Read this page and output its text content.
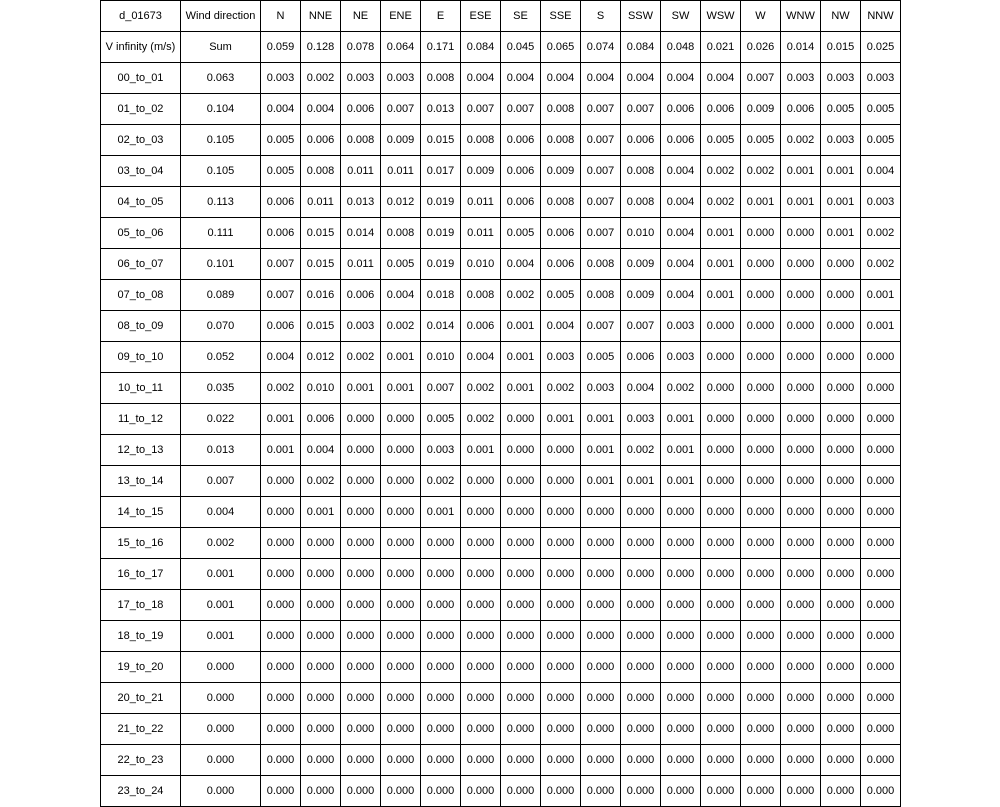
d_01673	Wind direction	N	NNE	NE	ENE	E	ESE	SE	SSE	S	SSW	SW	WSW	W	WNW	NW	NNW
V infinity (m/s)	Sum	0.059	0.128	0.078	0.064	0.171	0.084	0.045	0.065	0.074	0.084	0.048	0.021	0.026	0.014	0.015	0.025
00_to_01	0.063	0.003	0.002	0.003	0.003	0.008	0.004	0.004	0.004	0.004	0.004	0.004	0.004	0.007	0.003	0.003	0.003
01_to_02	0.104	0.004	0.004	0.006	0.007	0.013	0.007	0.007	0.008	0.007	0.007	0.006	0.006	0.009	0.006	0.005	0.005
02_to_03	0.105	0.005	0.006	0.008	0.009	0.015	0.008	0.006	0.008	0.007	0.006	0.006	0.005	0.005	0.002	0.003	0.005
03_to_04	0.105	0.005	0.008	0.011	0.011	0.017	0.009	0.006	0.009	0.007	0.008	0.004	0.002	0.002	0.001	0.001	0.004
04_to_05	0.113	0.006	0.011	0.013	0.012	0.019	0.011	0.006	0.008	0.007	0.008	0.004	0.002	0.001	0.001	0.001	0.003
05_to_06	0.111	0.006	0.015	0.014	0.008	0.019	0.011	0.005	0.006	0.007	0.010	0.004	0.001	0.000	0.000	0.001	0.002
06_to_07	0.101	0.007	0.015	0.011	0.005	0.019	0.010	0.004	0.006	0.008	0.009	0.004	0.001	0.000	0.000	0.000	0.002
07_to_08	0.089	0.007	0.016	0.006	0.004	0.018	0.008	0.002	0.005	0.008	0.009	0.004	0.001	0.000	0.000	0.000	0.001
08_to_09	0.070	0.006	0.015	0.003	0.002	0.014	0.006	0.001	0.004	0.007	0.007	0.003	0.000	0.000	0.000	0.000	0.001
09_to_10	0.052	0.004	0.012	0.002	0.001	0.010	0.004	0.001	0.003	0.005	0.006	0.003	0.000	0.000	0.000	0.000	0.000
10_to_11	0.035	0.002	0.010	0.001	0.001	0.007	0.002	0.001	0.002	0.003	0.004	0.002	0.000	0.000	0.000	0.000	0.000
11_to_12	0.022	0.001	0.006	0.000	0.000	0.005	0.002	0.000	0.001	0.001	0.003	0.001	0.000	0.000	0.000	0.000	0.000
12_to_13	0.013	0.001	0.004	0.000	0.000	0.003	0.001	0.000	0.000	0.001	0.002	0.001	0.000	0.000	0.000	0.000	0.000
13_to_14	0.007	0.000	0.002	0.000	0.000	0.002	0.000	0.000	0.000	0.001	0.001	0.001	0.000	0.000	0.000	0.000	0.000
14_to_15	0.004	0.000	0.001	0.000	0.000	0.001	0.000	0.000	0.000	0.000	0.000	0.000	0.000	0.000	0.000	0.000	0.000
15_to_16	0.002	0.000	0.000	0.000	0.000	0.000	0.000	0.000	0.000	0.000	0.000	0.000	0.000	0.000	0.000	0.000	0.000
16_to_17	0.001	0.000	0.000	0.000	0.000	0.000	0.000	0.000	0.000	0.000	0.000	0.000	0.000	0.000	0.000	0.000	0.000
17_to_18	0.001	0.000	0.000	0.000	0.000	0.000	0.000	0.000	0.000	0.000	0.000	0.000	0.000	0.000	0.000	0.000	0.000
18_to_19	0.001	0.000	0.000	0.000	0.000	0.000	0.000	0.000	0.000	0.000	0.000	0.000	0.000	0.000	0.000	0.000	0.000
19_to_20	0.000	0.000	0.000	0.000	0.000	0.000	0.000	0.000	0.000	0.000	0.000	0.000	0.000	0.000	0.000	0.000	0.000
20_to_21	0.000	0.000	0.000	0.000	0.000	0.000	0.000	0.000	0.000	0.000	0.000	0.000	0.000	0.000	0.000	0.000	0.000
21_to_22	0.000	0.000	0.000	0.000	0.000	0.000	0.000	0.000	0.000	0.000	0.000	0.000	0.000	0.000	0.000	0.000	0.000
22_to_23	0.000	0.000	0.000	0.000	0.000	0.000	0.000	0.000	0.000	0.000	0.000	0.000	0.000	0.000	0.000	0.000	0.000
23_to_24	0.000	0.000	0.000	0.000	0.000	0.000	0.000	0.000	0.000	0.000	0.000	0.000	0.000	0.000	0.000	0.000	0.000
